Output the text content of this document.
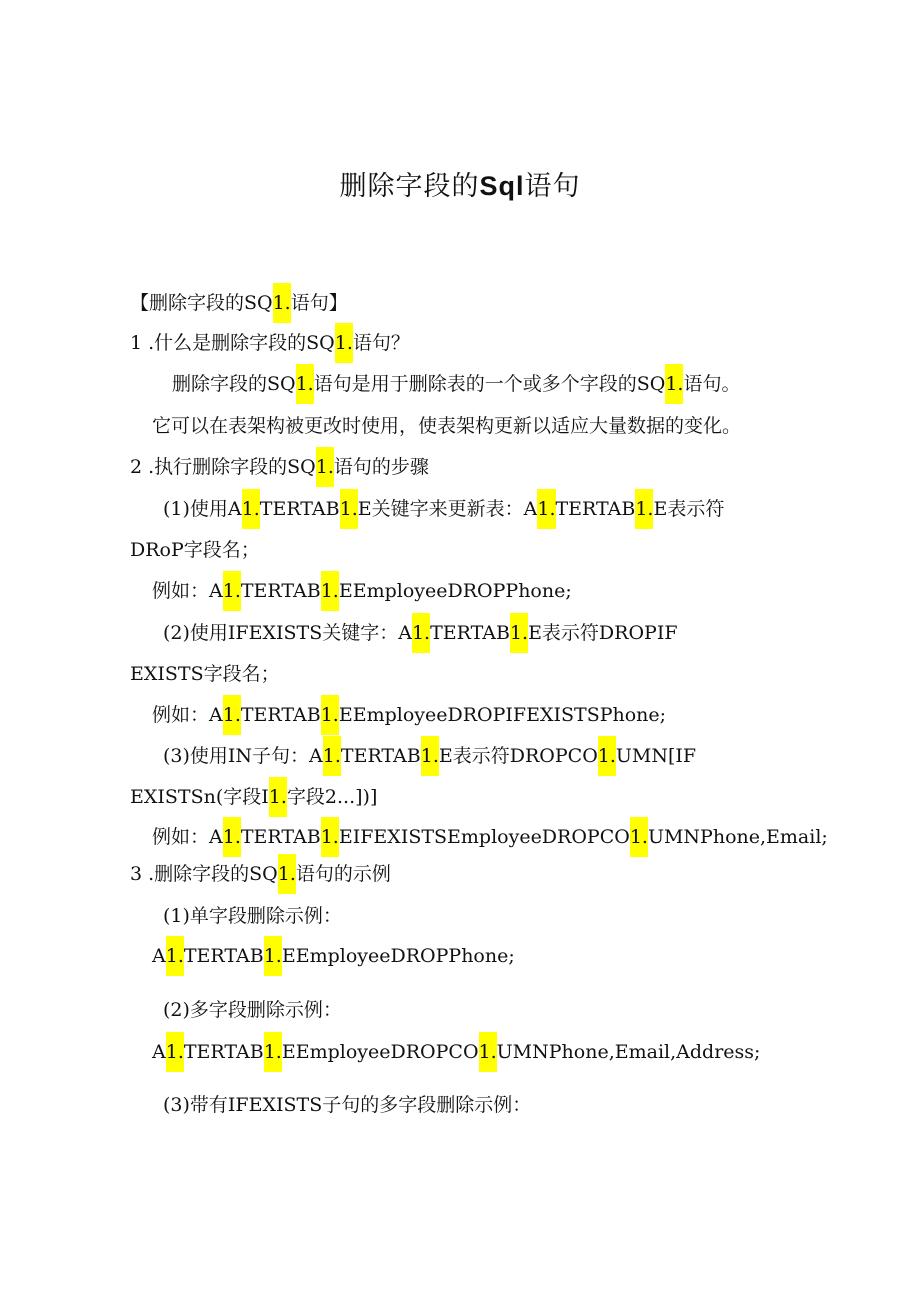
删除字段的Sql语句
【删除字段的SQ1.语句】
1 .什么是删除字段的SQ1.语句？
删除字段的SQ1.语句是用于删除表的一个或多个字段的SQ1.语句。
它可以在表架构被更改时使用，使表架构更新以适应大量数据的变化。
2 .执行删除字段的SQ1.语句的步骤
(1)使用A1.TERTAB1.E关键字来更新表：A1.TERTAB1.E表示符
DRoP字段名；
例如：A1.TERTAB1.EEmployeeDROPPhone;
(2)使用IFEXISTS关键字：A1.TERTAB1.E表示符DROPIF
EXISTS字段名；
例如：A1.TERTAB1.EEmployeeDROPIFEXISTSPhone;
(3)使用IN子句：A1.TERTAB1.E表示符DROPCO1.UMN[IF
EXISTSn(字段I1.字段2...])]
例如：A1.TERTAB1.EIFEXISTSEmployeeDROPCO1.UMNPhone,Email;
3 .删除字段的SQ1.语句的示例
(1)单字段删除示例：
A1.TERTAB1.EEmployeeDROPPhone;
(2)多字段删除示例：
A1.TERTAB1.EEmployeeDROPCO1.UMNPhone,Email,Address;
(3)带有IFEXISTS子句的多字段删除示例：
